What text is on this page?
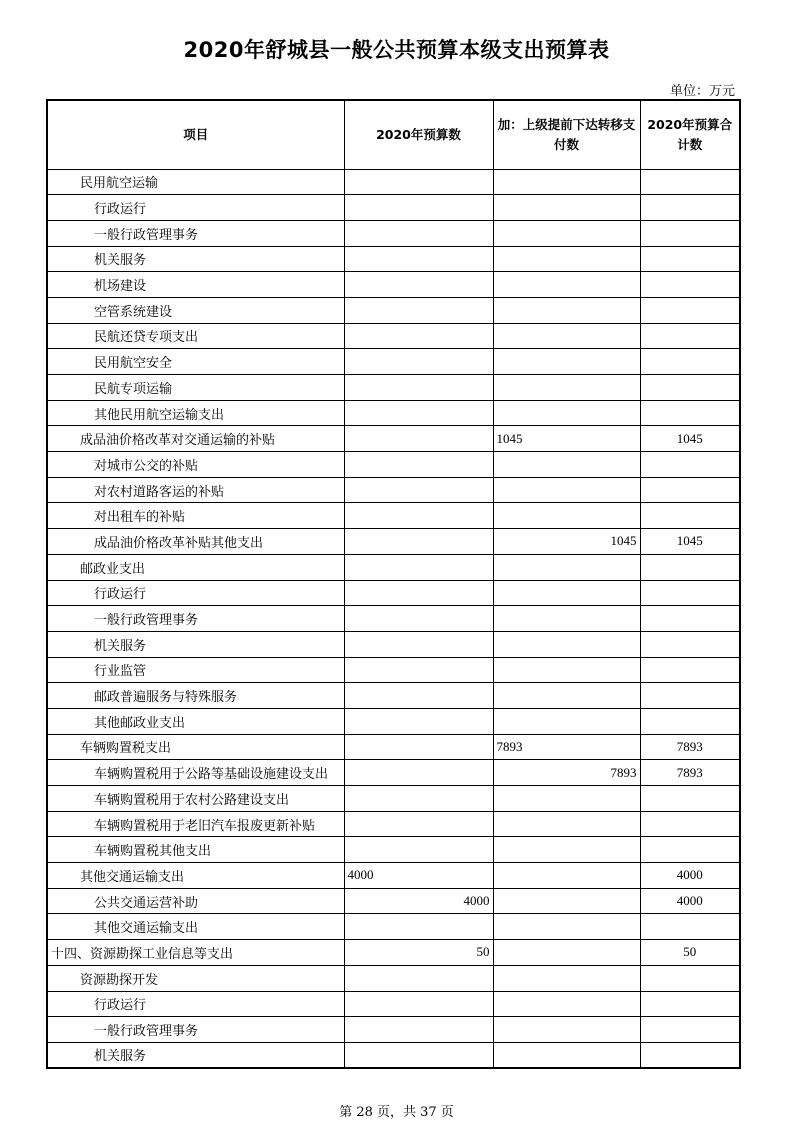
2020年舒城县一般公共预算本级支出预算表
单位：万元
项目	2020年预算数	加：上级提前下达转移支付数	2020年预算合计数
民用航空运输			
行政运行			
一般行政管理事务			
机关服务			
机场建设			
空管系统建设			
民航还贷专项支出			
民用航空安全			
民航专项运输			
其他民用航空运输支出			
成品油价格改革对交通运输的补贴		1045	1045
对城市公交的补贴			
对农村道路客运的补贴			
对出租车的补贴			
成品油价格改革补贴其他支出		1045	1045
邮政业支出			
行政运行			
一般行政管理事务			
机关服务			
行业监管			
邮政普遍服务与特殊服务			
其他邮政业支出			
车辆购置税支出		7893	7893
车辆购置税用于公路等基础设施建设支出		7893	7893
车辆购置税用于农村公路建设支出			
车辆购置税用于老旧汽车报废更新补贴			
车辆购置税其他支出			
其他交通运输支出	4000		4000
公共交通运营补助	4000		4000
其他交通运输支出			
十四、资源勘探工业信息等支出	50		50
资源勘探开发			
行政运行			
一般行政管理事务			
机关服务			
第 28 页，共 37 页
